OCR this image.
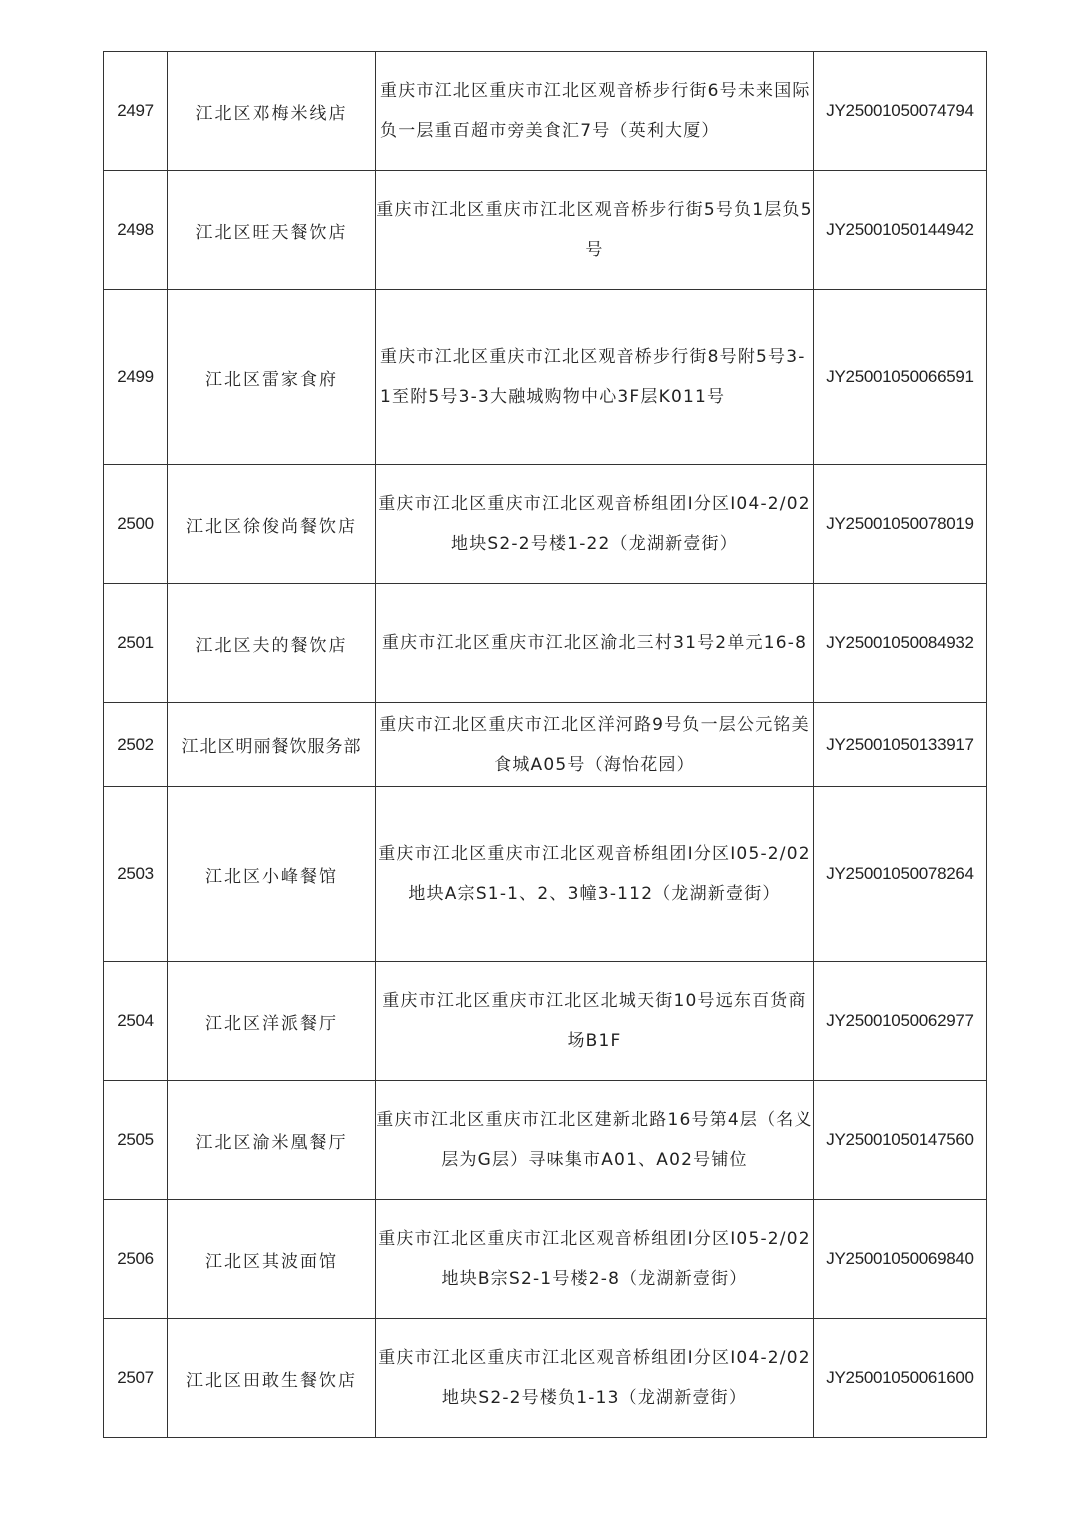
2497	江北区邓梅米线店	重庆市江北区重庆市江北区观音桥步行街6号未来国际负一层重百超市旁美食汇7号（英利大厦）	JY25001050074794
2498	江北区旺天餐饮店	重庆市江北区重庆市江北区观音桥步行街5号负1层负5号	JY25001050144942
2499	江北区雷家食府	重庆市江北区重庆市江北区观音桥步行街8号附5号3-1至附5号3-3大融城购物中心3F层K011号	JY25001050066591
2500	江北区徐俊尚餐饮店	重庆市江北区重庆市江北区观音桥组团Ⅰ分区I04-2/02地块S2-2号楼1-22（龙湖新壹街）	JY25001050078019
2501	江北区夫的餐饮店	重庆市江北区重庆市江北区渝北三村31号2单元16-8	JY25001050084932
2502	江北区明丽餐饮服务部	重庆市江北区重庆市江北区洋河路9号负一层公元铭美食城A05号（海怡花园）	JY25001050133917
2503	江北区小峰餐馆	重庆市江北区重庆市江北区观音桥组团Ⅰ分区I05-2/02地块A宗S1-1、2、3幢3-112（龙湖新壹街）	JY25001050078264
2504	江北区洋派餐厅	重庆市江北区重庆市江北区北城天街10号远东百货商场B1F	JY25001050062977
2505	江北区渝米凰餐厅	重庆市江北区重庆市江北区建新北路16号第4层（名义层为G层）寻味集市A01、A02号铺位	JY25001050147560
2506	江北区其波面馆	重庆市江北区重庆市江北区观音桥组团Ⅰ分区I05-2/02地块B宗S2-1号楼2-8（龙湖新壹街）	JY25001050069840
2507	江北区田敢生餐饮店	重庆市江北区重庆市江北区观音桥组团Ⅰ分区Ⅰ04-2/02地块S2-2号楼负1-13（龙湖新壹街）	JY25001050061600
